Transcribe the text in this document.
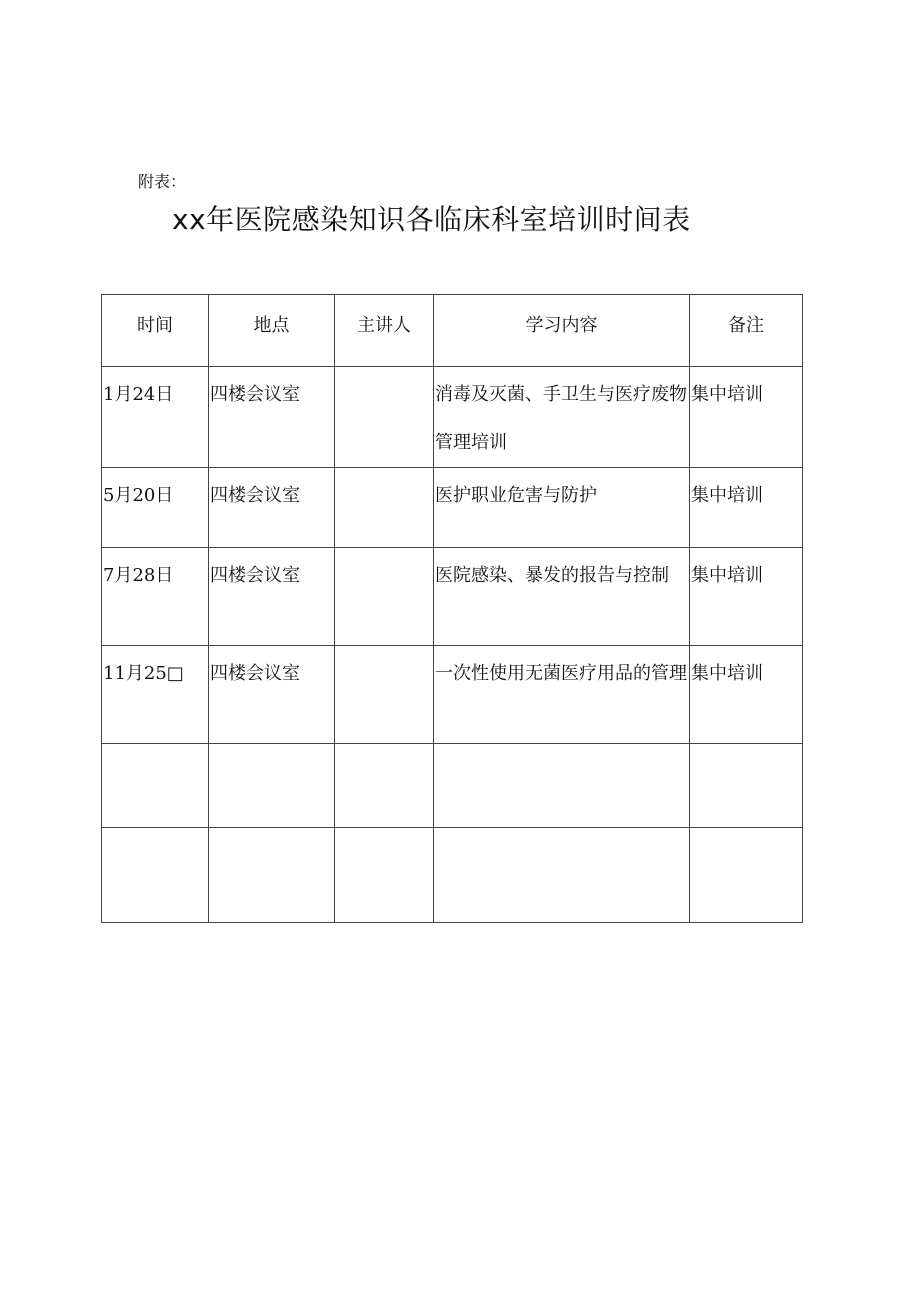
附表：
xx年医院感染知识各临床科室培训时间表
时间	地点	主讲人	学习内容	备注
1月24日	四楼会议室		消毒及灭菌、手卫生与医疗废物管理培训	集中培训
5月20日	四楼会议室		医护职业危害与防护	集中培训
7月28日	四楼会议室		医院感染、暴发的报告与控制	集中培训
11月25□	四楼会议室		一次性使用无菌医疗用品的管理	集中培训
